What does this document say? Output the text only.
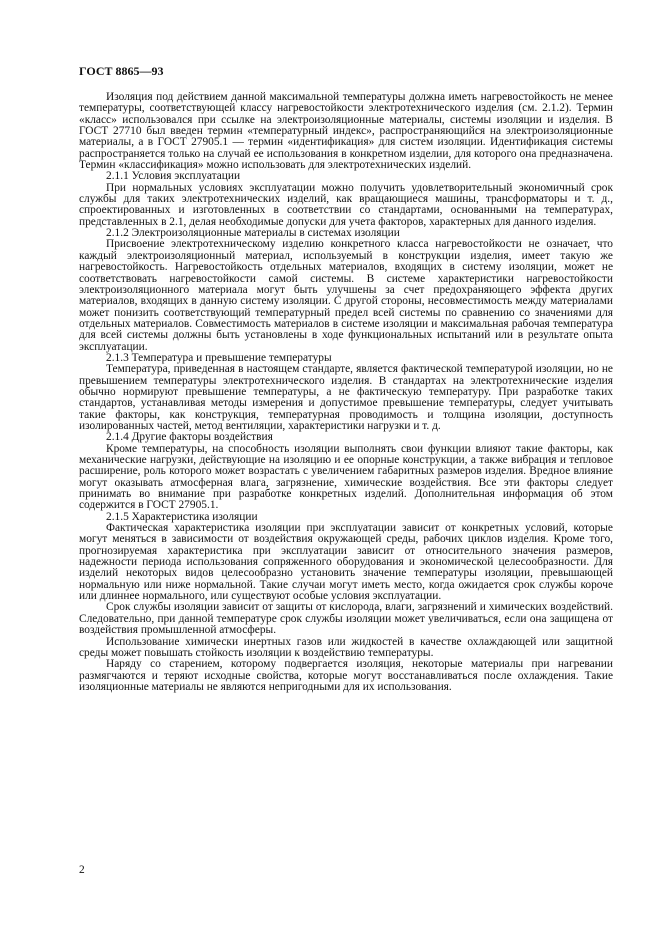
ГОСТ 8865—93

Изоляция под действием данной максимальной температуры должна иметь нагревостойкость не менее температуры, соответствующей классу нагревостойкости электротехнического изделия (см. 2.1.2). Термин «класс» использовался при ссылке на электроизоляционные материалы, системы изоляции и изделия. В ГОСТ 27710 был введен термин «температурный индекс», распространяющийся на электроизоляционные материалы, а в ГОСТ 27905.1 — термин «идентификация» для систем изоляции. Идентификация системы распространяется только на случай ее использования в конкретном изделии, для которого она предназначена. Термин «классификация» можно использовать для электротехнических изделий.

2.1.1 Условия эксплуатации

При нормальных условиях эксплуатации можно получить удовлетворительный экономичный срок службы для таких электротехнических изделий, как вращающиеся машины, трансформаторы и т. д., спроектированных и изготовленных в соответствии со стандартами, основанными на температурах, представленных в 2.1, делая необходимые допуски для учета факторов, характерных для данного изделия.

2.1.2 Электроизоляционные материалы в системах изоляции

Присвоение электротехническому изделию конкретного класса нагревостойкости не означает, что каждый электроизоляционный материал, используемый в конструкции изделия, имеет такую же нагревостойкость. Нагревостойкость отдельных материалов, входящих в систему изоляции, может не соответствовать нагревостойкости самой системы. В системе характеристики нагревостойкости электроизоляционного материала могут быть улучшены за счет предохраняющего эффекта других материалов, входящих в данную систему изоляции. С другой стороны, несовместимость между материалами может понизить соответствующий температурный предел всей системы по сравнению со значениями для отдельных материалов. Совместимость материалов в системе изоляции и максимальная рабочая температура для всей системы должны быть установлены в ходе функциональных испытаний или в результате опыта эксплуатации.

2.1.3 Температура и превышение температуры

Температура, приведенная в настоящем стандарте, является фактической температурой изоляции, но не превышением температуры электротехнического изделия. В стандартах на электротехнические изделия обычно нормируют превышение температуры, а не фактическую температуру. При разработке таких стандартов, устанавливая методы измерения и допустимое превышение температуры, следует учитывать такие факторы, как конструкция, температурная проводимость и толщина изоляции, доступность изолированных частей, метод вентиляции, характеристики нагрузки и т. д.

2.1.4 Другие факторы воздействия

Кроме температуры, на способность изоляции выполнять свои функции влияют такие факторы, как механические нагрузки, действующие на изоляцию и ее опорные конструкции, а также вибрация и тепловое расширение, роль которого может возрастать с увеличением габаритных размеров изделия. Вредное влияние могут оказывать атмосферная влага, загрязнение, химические воздействия. Все эти факторы следует принимать во внимание при разработке конкретных изделий. Дополнительная информация об этом содержится в ГОСТ 27905.1.

2.1.5 Характеристика изоляции

Фактическая характеристика изоляции при эксплуатации зависит от конкретных условий, которые могут меняться в зависимости от воздействия окружающей среды, рабочих циклов изделия. Кроме того, прогнозируемая характеристика при эксплуатации зависит от относительного значения размеров, надежности периода использования сопряженного оборудования и экономической целесообразности. Для изделий некоторых видов целесообразно установить значение температуры изоляции, превышающей нормальную или ниже нормальной. Такие случаи могут иметь место, когда ожидается срок службы короче или длиннее нормального, или существуют особые условия эксплуатации.

Срок службы изоляции зависит от защиты от кислорода, влаги, загрязнений и химических воздействий. Следовательно, при данной температуре срок службы изоляции может увеличиваться, если она защищена от воздействия промышленной атмосферы.

Использование химически инертных газов или жидкостей в качестве охлаждающей или защитной среды может повышать стойкость изоляции к воздействию температуры.

Наряду со старением, которому подвергается изоляция, некоторые материалы при нагревании размягчаются и теряют исходные свойства, которые могут восстанавливаться после охлаждения. Такие изоляционные материалы не являются непригодными для их использования.

2
